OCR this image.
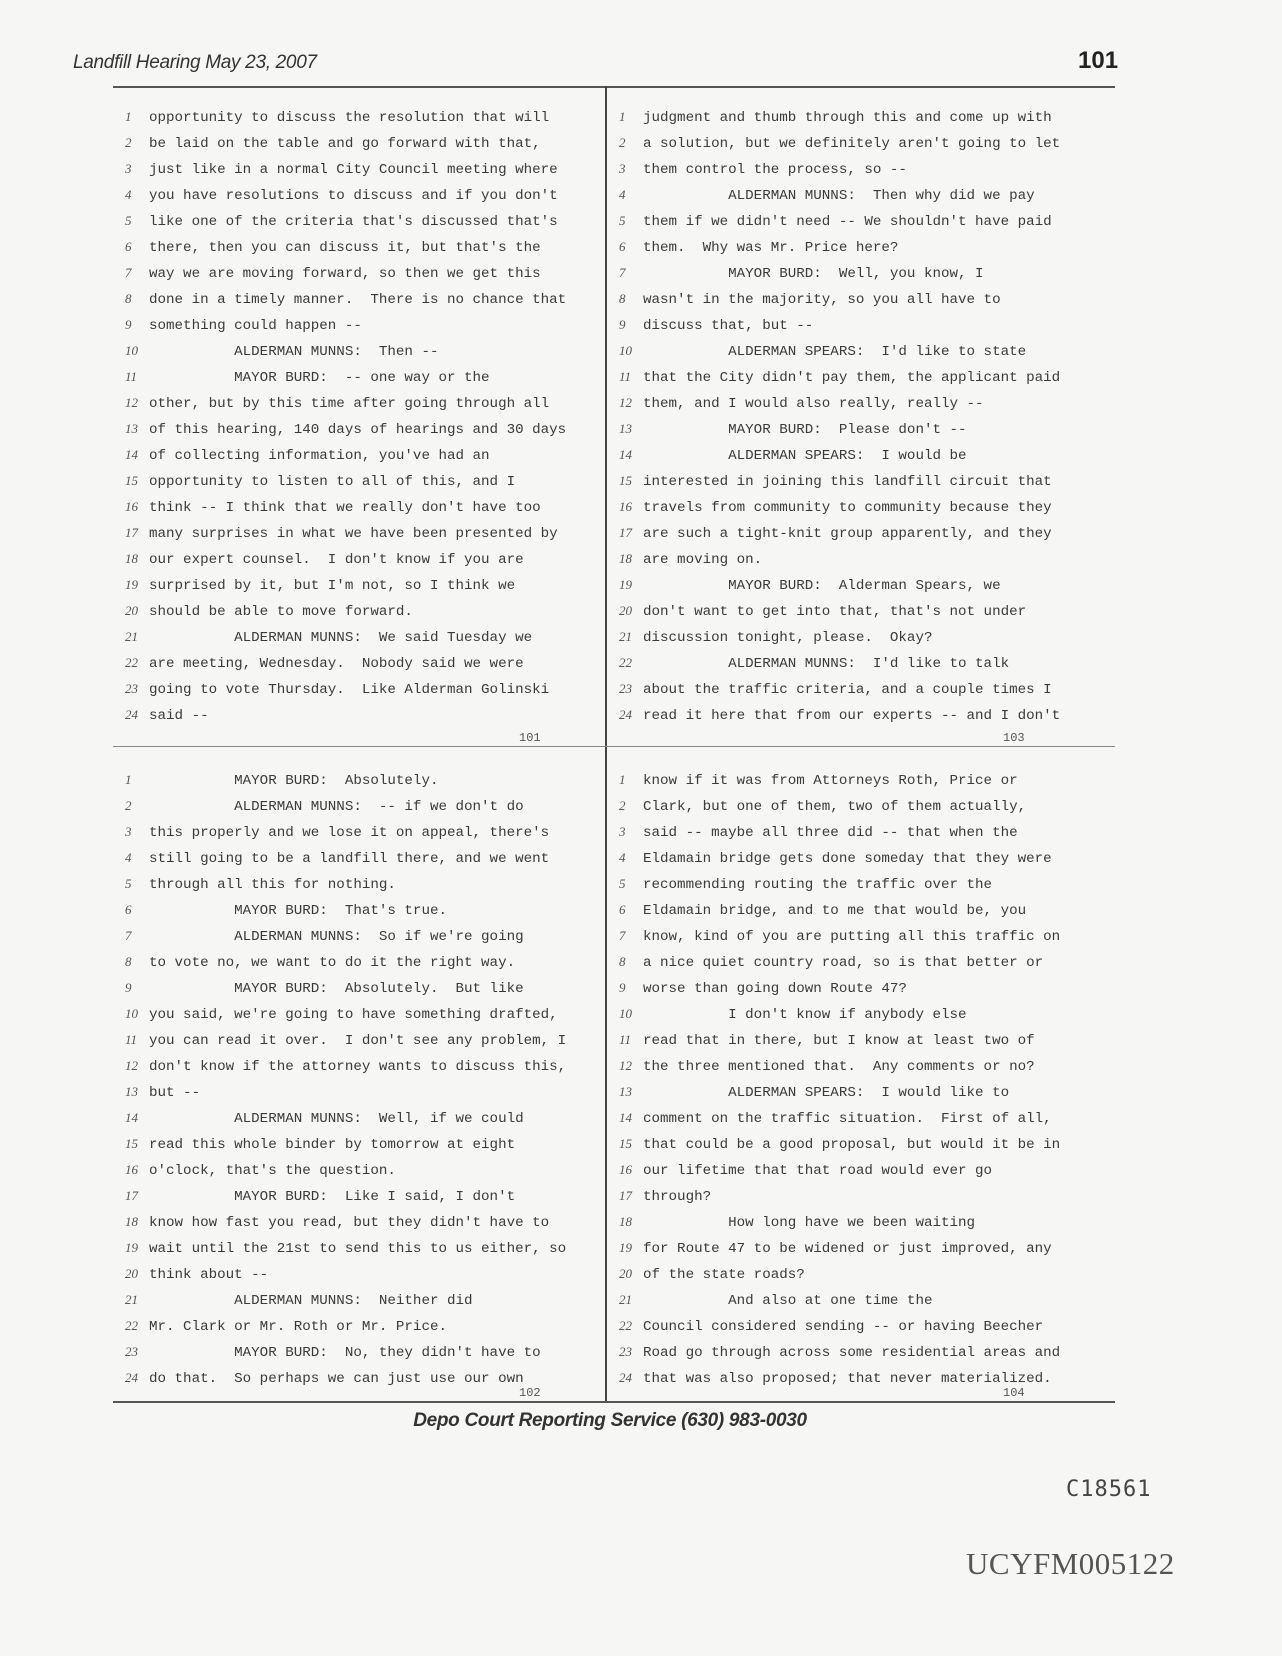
Landfill Hearing May 23, 2007	101
1 opportunity to discuss the resolution that will
2 be laid on the table and go forward with that,
3 just like in a normal City Council meeting where
4 you have resolutions to discuss and if you don't
5 like one of the criteria that's discussed that's
6 there, then you can discuss it, but that's the
7 way we are moving forward, so then we get this
8 done in a timely manner.  There is no chance that
9 something could happen --
10          ALDERMAN MUNNS:  Then --
11          MAYOR BURD:  -- one way or the
12 other, but by this time after going through all
13 of this hearing, 140 days of hearings and 30 days
14 of collecting information, you've had an
15 opportunity to listen to all of this, and I
16 think -- I think that we really don't have too
17 many surprises in what we have been presented by
18 our expert counsel.  I don't know if you are
19 surprised by it, but I'm not, so I think we
20 should be able to move forward.
21          ALDERMAN MUNNS:  We said Tuesday we
22 are meeting, Wednesday.  Nobody said we were
23 going to vote Thursday.  Like Alderman Golinski
24 said --
1 judgment and thumb through this and come up with
2 a solution, but we definitely aren't going to let
3 them control the process, so --
4          ALDERMAN MUNNS:  Then why did we pay
5 them if we didn't need -- We shouldn't have paid
6 them.  Why was Mr. Price here?
7          MAYOR BURD:  Well, you know, I
8 wasn't in the majority, so you all have to
9 discuss that, but --
10          ALDERMAN SPEARS:  I'd like to state
11 that the City didn't pay them, the applicant paid
12 them, and I would also really, really --
13          MAYOR BURD:  Please don't --
14          ALDERMAN SPEARS:  I would be
15 interested in joining this landfill circuit that
16 travels from community to community because they
17 are such a tight-knit group apparently, and they
18 are moving on.
19          MAYOR BURD:  Alderman Spears, we
20 don't want to get into that, that's not under
21 discussion tonight, please.  Okay?
22          ALDERMAN MUNNS:  I'd like to talk
23 about the traffic criteria, and a couple times I
24 read it here that from our experts -- and I don't
1          MAYOR BURD:  Absolutely.
2          ALDERMAN MUNNS:  -- if we don't do
3 this properly and we lose it on appeal, there's
4 still going to be a landfill there, and we went
5 through all this for nothing.
6          MAYOR BURD:  That's true.
7          ALDERMAN MUNNS:  So if we're going
8 to vote no, we want to do it the right way.
9          MAYOR BURD:  Absolutely.  But like
10 you said, we're going to have something drafted,
11 you can read it over.  I don't see any problem, I
12 don't know if the attorney wants to discuss this,
13 but --
14          ALDERMAN MUNNS:  Well, if we could
15 read this whole binder by tomorrow at eight
16 o'clock, that's the question.
17          MAYOR BURD:  Like I said, I don't
18 know how fast you read, but they didn't have to
19 wait until the 21st to send this to us either, so
20 think about --
21          ALDERMAN MUNNS:  Neither did
22 Mr. Clark or Mr. Roth or Mr. Price.
23          MAYOR BURD:  No, they didn't have to
24 do that.  So perhaps we can just use our own
1 know if it was from Attorneys Roth, Price or
2 Clark, but one of them, two of them actually,
3 said -- maybe all three did -- that when the
4 Eldamain bridge gets done someday that they were
5 recommending routing the traffic over the
6 Eldamain bridge, and to me that would be, you
7 know, kind of you are putting all this traffic on
8 a nice quiet country road, so is that better or
9 worse than going down Route 47?
10          I don't know if anybody else
11 read that in there, but I know at least two of
12 the three mentioned that.  Any comments or no?
13          ALDERMAN SPEARS:  I would like to
14 comment on the traffic situation.  First of all,
15 that could be a good proposal, but would it be in
16 our lifetime that that road would ever go
17 through?
18          How long have we been waiting
19 for Route 47 to be widened or just improved, any
20 of the state roads?
21          And also at one time the
22 Council considered sending -- or having Beecher
23 Road go through across some residential areas and
24 that was also proposed; that never materialized.
101	103
102	104
Depo Court Reporting Service (630) 983-0030
C18561
UCYFM005122
